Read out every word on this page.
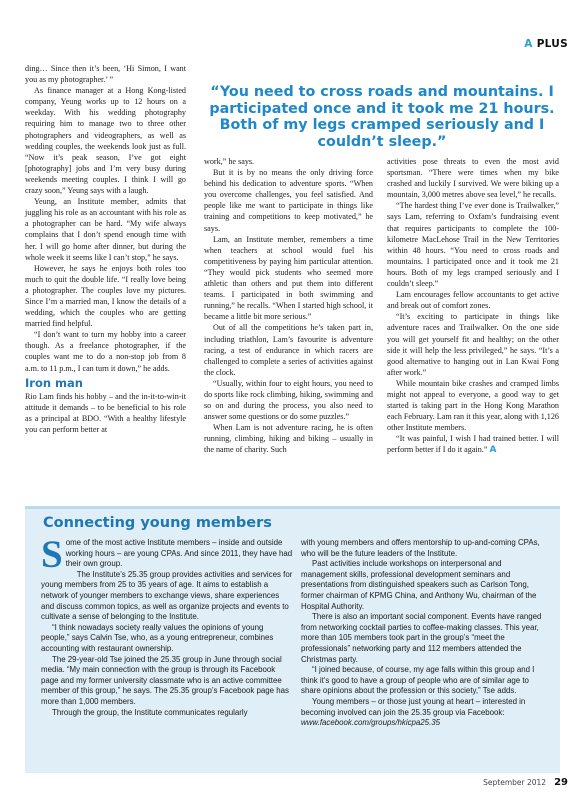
A PLUS
“You need to cross roads and mountains. I participated once and it took me 21 hours. Both of my legs cramped seriously and I couldn’t sleep.”

ding… Since then it’s been, ‘Hi Simon, I want you as my photographer.’ ”

As finance manager at a Hong Kong-listed company, Yeung works up to 12 hours on a weekday. With his wedding photography requiring him to manage two to three other photographers and videographers, as well as wedding couples, the weekends look just as full. “Now it’s peak season, I’ve got eight [photography] jobs and I’m very busy during weekends meeting couples. I think I will go crazy soon,” Yeung says with a laugh.

Yeung, an Institute member, admits that juggling his role as an accountant with his role as a photographer can be hard. “My wife always complains that I don’t spend enough time with her. I will go home after dinner, but during the whole week it seems like I can’t stop,” he says.

However, he says he enjoys both roles too much to quit the double life. “I really love being a photographer. The couples love my pictures. Since I’m a married man, I know the details of a wedding, which the couples who are getting married find helpful.

“I don’t want to turn my hobby into a career though. As a freelance photographer, if the couples want me to do a non-stop job from 8 a.m. to 11 p.m., I can turn it down,” he adds.

Iron man

Rio Lam finds his hobby – and the in-it-to-win-it attitude it demands – to be beneficial to his role as a principal at BDO. “With a healthy lifestyle you can perform better at

work,” he says.

But it is by no means the only driving force behind his dedication to adventure sports. “When you overcome challenges, you feel satisfied. And people like me want to participate in things like training and competitions to keep motivated,” he says.

Lam, an Institute member, remembers a time when teachers at school would fuel his competitiveness by paying him particular attention. “They would pick students who seemed more athletic than others and put them into different teams. I participated in both swimming and running,” he recalls. “When I started high school, it became a little bit more serious.”

Out of all the competitions he’s taken part in, including triathlon, Lam’s favourite is adventure racing, a test of endurance in which racers are challenged to complete a series of activities against the clock.

“Usually, within four to eight hours, you need to do sports like rock climbing, hiking, swimming and so on and during the process, you also need to answer some questions or do some puzzles.”

When Lam is not adventure racing, he is often running, climbing, hiking and biking – usually in the name of charity. Such

activities pose threats to even the most avid sportsman. “There were times when my bike crashed and luckily I survived. We were biking up a mountain, 3,000 metres above sea level,” he recalls.

“The hardest thing I’ve ever done is Trailwalker,” says Lam, referring to Oxfam’s fundraising event that requires participants to complete the 100-kilometre MacLehose Trail in the New Territories within 48 hours. “You need to cross roads and mountains. I participated once and it took me 21 hours. Both of my legs cramped seriously and I couldn’t sleep.”

Lam encourages fellow accountants to get active and break out of comfort zones.

“It’s exciting to participate in things like adventure races and Trailwalker. On the one side you will get yourself fit and healthy; on the other side it will help the less privileged,” he says. “It’s a good alternative to hanging out in Lan Kwai Fong after work.”

While mountain bike crashes and cramped limbs might not appeal to everyone, a good way to get started is taking part in the Hong Kong Marathon each February. Lam ran it this year, along with 1,126 other Institute members.

“It was painful, I wish I had trained better. I will perform better if I do it again.” A

Connecting young members

Some of the most active Institute members – inside and outside working hours – are young CPAs. And since 2011, they have had their own group.

The Institute’s 25.35 group provides activities and services for young members from 25 to 35 years of age. It aims to establish a network of younger members to exchange views, share experiences and discuss common topics, as well as organize projects and events to cultivate a sense of belonging to the Institute.

“I think nowadays society really values the opinions of young people,” says Calvin Tse, who, as a young entrepreneur, combines accounting with restaurant ownership.

The 29-year-old Tse joined the 25.35 group in June through social media. “My main connection with the group is through its Facebook page and my former university classmate who is an active committee member of this group,” he says. The 25.35 group’s Facebook page has more than 1,000 members.

Through the group, the Institute communicates regularly

with young members and offers mentorship to up-and-coming CPAs, who will be the future leaders of the Institute.

Past activities include workshops on interpersonal and management skills, professional development seminars and presentations from distinguished speakers such as Carlson Tong, former chairman of KPMG China, and Anthony Wu, chairman of the Hospital Authority.

There is also an important social component. Events have ranged from networking cocktail parties to coffee-making classes. This year, more than 105 members took part in the group’s “meet the professionals” networking party and 112 members attended the Christmas party.

“I joined because, of course, my age falls within this group and I think it’s good to have a group of people who are of similar age to share opinions about the profession or this society,” Tse adds.

Young members – or those just young at heart – interested in becoming involved can join the 25.35 group via Facebook:

www.facebook.com/groups/hkicpa25.35

September 2012 29
